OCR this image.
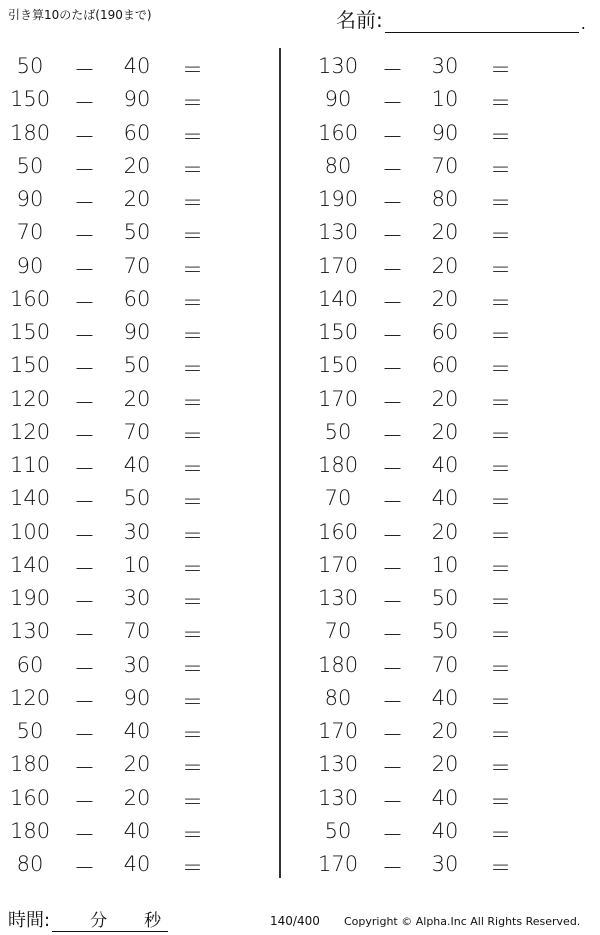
引き算10のたば(190まで)	名前:	.
50	－ 40 ＝
150 － 90 ＝
180 － 60 ＝
50	－ 20 ＝
90	－ 20 ＝
70	－ 50 ＝
90	－ 70 ＝
160 － 60 ＝
150 － 90 ＝
150 － 50 ＝
120 － 20 ＝
120 － 70 ＝
110 － 40 ＝
140 － 50 ＝
100 － 30 ＝
140 － 10 ＝
190 － 30 ＝
130 － 70 ＝
60	－ 30 ＝
120 － 90 ＝
50	－ 40 ＝
180 － 20 ＝
160 － 20 ＝
180 － 40 ＝
80	－ 40 ＝
130 － 30 ＝
90	－ 10 ＝
160 － 90 ＝
80	－ 70 ＝
190 － 80 ＝
130 － 20 ＝
170 － 20 ＝
140 － 20 ＝
150 － 60 ＝
150 － 60 ＝
170 － 20 ＝
50	－ 20 ＝
180 － 40 ＝
70	－ 40 ＝
160 － 20 ＝
170 － 10 ＝
130 － 50 ＝
70	－ 50 ＝
180 － 70 ＝
80	－ 40 ＝
170 － 20 ＝
130 － 20 ＝
130 － 40 ＝
50	－ 40 ＝
170 － 30 ＝
時間: 分 秒	140/400 Copyright © Alpha.Inc All Rights Reserved.
